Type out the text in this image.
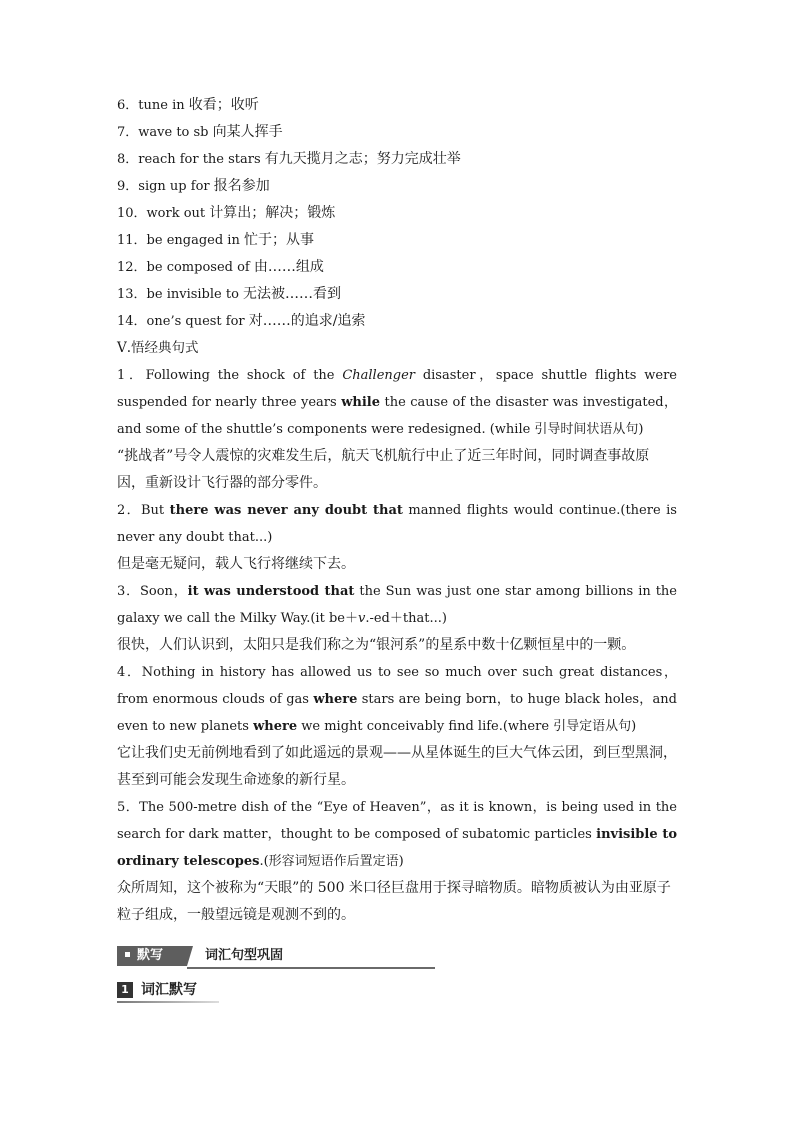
6．tune in 收看；收听
7．wave to sb 向某人挥手
8．reach for the stars 有九天揽月之志；努力完成壮举
9．sign up for 报名参加
10．work out 计算出；解决；锻炼
11．be engaged in 忙于；从事
12．be composed of 由……组成
13．be invisible to 无法被……看到
14．one’s quest for 对……的追求/追索
Ⅴ.悟经典句式
1．Following the shock of the Challenger disaster，space shuttle flights were suspended for nearly three years while the cause of the disaster was investigated， and some of the shuttle’s components were redesigned. (while 引导时间状语从句)
“挑战者”号令人震惊的灾难发生后，航天飞机航行中止了近三年时间，同时调查事故原因，重新设计飞行器的部分零件。
2．But there was never any doubt that manned flights would continue.(there is never any doubt that...)
但是毫无疑问，载人飞行将继续下去。
3．Soon，it was understood that the Sun was just one star among billions in the galaxy we call the Milky Way.(it be＋v.-ed＋that...)
很快，人们认识到，太阳只是我们称之为“银河系”的星系中数十亿颗恒星中的一颗。
4．Nothing in history has allowed us to see so much over such great distances，from enormous clouds of gas where stars are being born，to huge black holes，and even to new planets where we might conceivably find life.(where 引导定语从句)
它让我们史无前例地看到了如此遥远的景观——从星体诞生的巨大气体云团，到巨型黑洞，甚至到可能会发现生命迹象的新行星。
5．The 500-metre dish of the “Eye of Heaven”，as it is known，is being used in the search for dark matter，thought to be composed of subatomic particles invisible to ordinary telescopes.(形容词短语作后置定语)
众所周知，这个被称为“天眼”的 500 米口径巨盘用于探寻暗物质。暗物质被认为由亚原子粒子组成，一般望远镜是观测不到的。
默写	词汇句型巩固
1 词汇默写
